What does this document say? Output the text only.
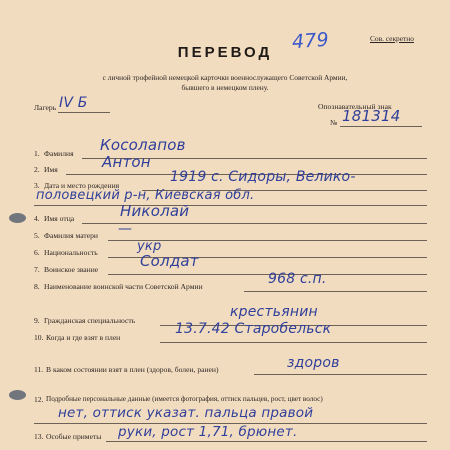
Сов. секретно
ПЕРЕВОД	479
с личной трофейной немецкой карточки военнослужащего Советской Армии,
бывшего в немецком плену.
Лагерь IV Б	Опознавательный знак
№ 181314
1. Фамилия Косолапов
2. Имя	Антон
3. Дата и место рождения
1919 с. Сидоры, Велико-
половецкий р-н, Киевская обл.
4. Имя отца	Николай
5. Фамилия матери —
6. Национальность	укр
7. Воинское звание	Солдат
8. Наименование воинской части Советской Армии	968 с.п.
9. Гражданская специальность
крестьянин
10. Когда и где взят в плен
13.7.42 Старобельск
11. В каком состоянии взят в плен (здоров, болен, ранен)	здоров
12. Подробные персональные данные (имеется фотография, оттиск пальцев, рост, цвет волос)
нет, оттиск указат. пальца правой
13. Особые приметы руки, рост 1,71, брюнет.
